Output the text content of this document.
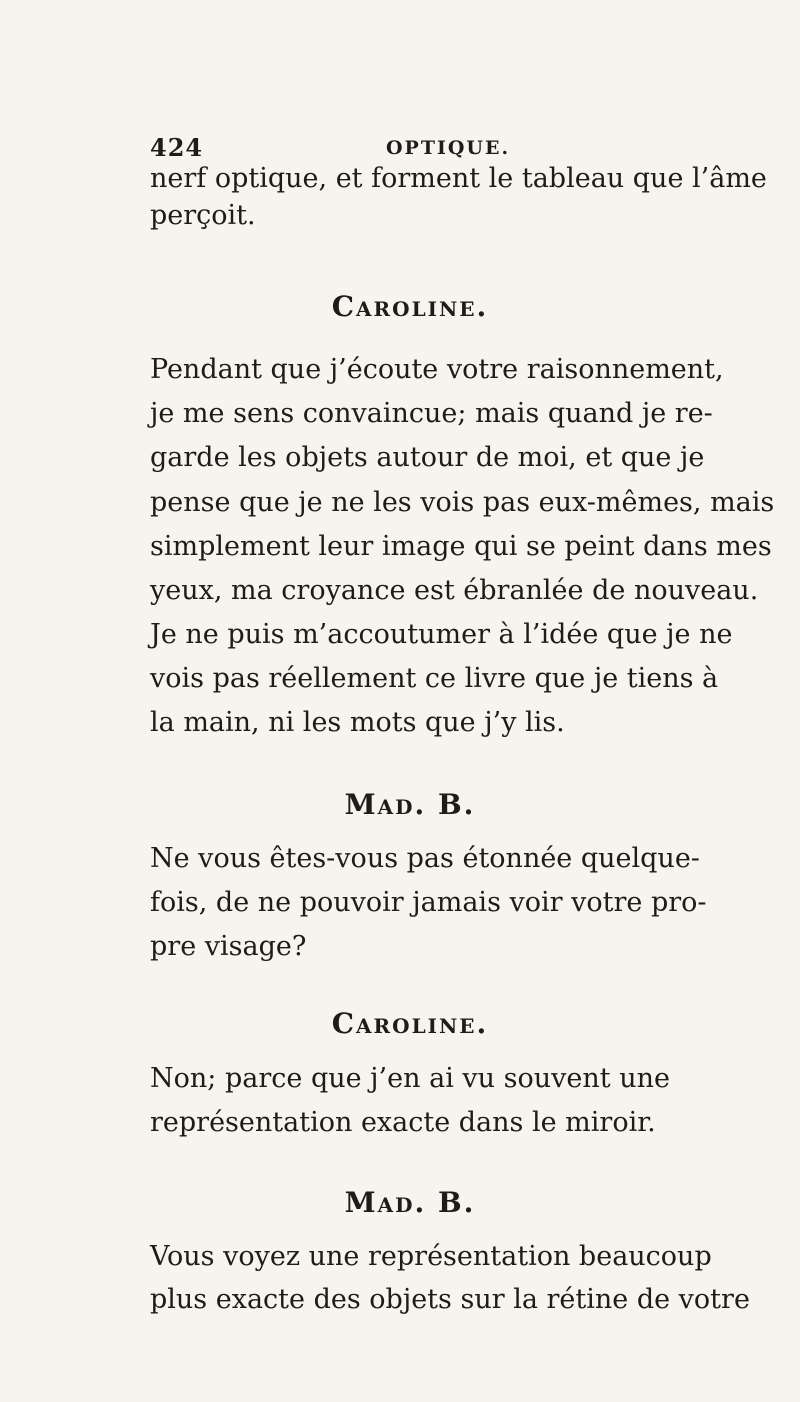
424	OPTIQUE.
nerf optique, et forment le tableau que l’âme
perçoit.
Caroline.
Pendant que j’écoute votre raisonnement,
je me sens convaincue; mais quand je re-
garde les objets autour de moi, et que je
pense que je ne les vois pas eux-mêmes, mais
simplement leur image qui se peint dans mes
yeux, ma croyance est ébranlée de nouveau.
Je ne puis m’accoutumer à l’idée que je ne
vois pas réellement ce livre que je tiens à
la main, ni les mots que j’y lis.
Mad. B.
Ne vous êtes-vous pas étonnée quelque-
fois, de ne pouvoir jamais voir votre pro-
pre visage?
Caroline.
Non; parce que j’en ai vu souvent une
représentation exacte dans le miroir.
Mad. B.
Vous voyez une représentation beaucoup
plus exacte des objets sur la rétine de votre
